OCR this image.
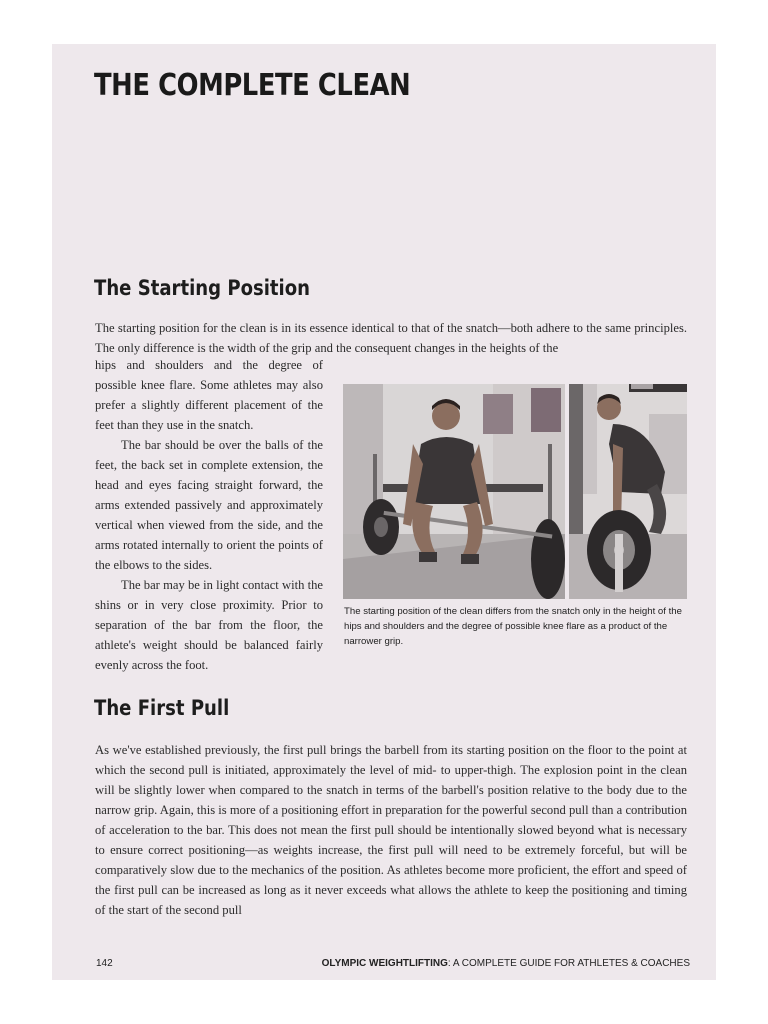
THE COMPLETE CLEAN
The Starting Position

The starting position for the clean is in its essence identical to that of the snatch—both adhere to the same principles. The only difference is the width of the grip and the consequent changes in the heights of the

hips and shoulders and the degree of possible knee flare. Some athletes may also prefer a slightly different placement of the feet than they use in the snatch.

The bar should be over the balls of the feet, the back set in complete extension, the head and eyes facing straight forward, the arms extended passively and approximately vertical when viewed from the side, and the arms rotated internally to orient the points of the elbows to the sides.

The bar may be in light contact with the shins or in very close proximity. Prior to separation of the bar from the floor, the athlete's weight should be balanced fairly evenly across the foot.

The starting position of the clean differs from the snatch only in the height of the hips and shoulders and the degree of possible knee flare as a product of the narrower grip.

The First Pull

As we've established previously, the first pull brings the barbell from its starting position on the floor to the point at which the second pull is initiated, approximately the level of mid- to upper-thigh. The explosion point in the clean will be slightly lower when compared to the snatch in terms of the barbell's position relative to the body due to the narrow grip. Again, this is more of a positioning effort in preparation for the powerful second pull than a contribution of acceleration to the bar. This does not mean the first pull should be intentionally slowed beyond what is necessary to ensure correct positioning—as weights increase, the first pull will need to be extremely forceful, but will be comparatively slow due to the mechanics of the position. As athletes become more proficient, the effort and speed of the first pull can be increased as long as it never exceeds what allows the athlete to keep the positioning and timing of the start of the second pull

142	OLYMPIC WEIGHTLIFTING: A COMPLETE GUIDE FOR ATHLETES & COACHES
